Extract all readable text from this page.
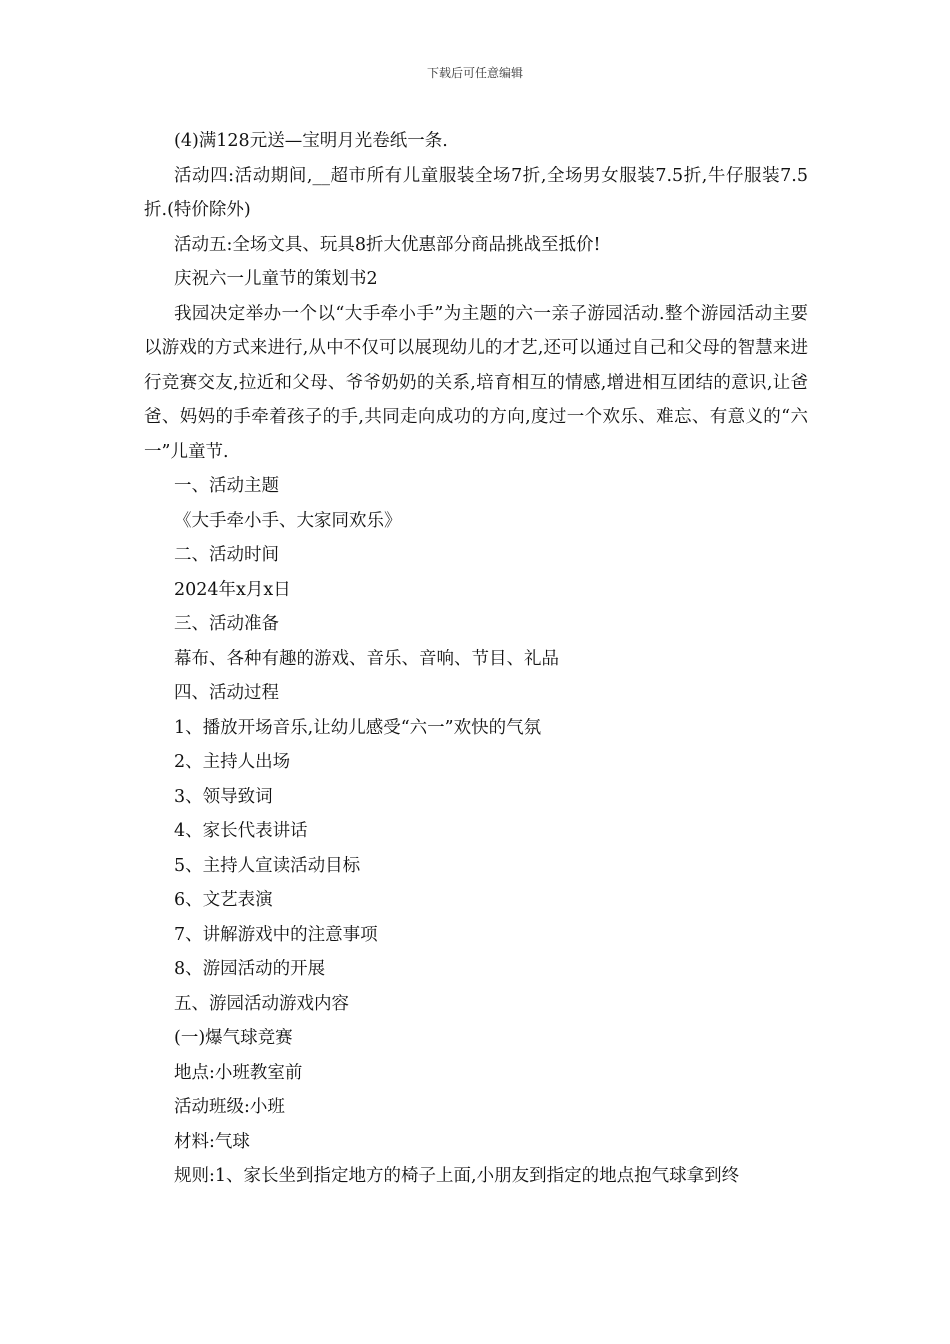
下载后可任意编辑

(4)满128元送—宝明月光卷纸一条.

活动四:活动期间,__超市所有儿童服装全场7折,全场男女服装7.5折,牛仔服装7.5折.(特价除外)

活动五:全场文具、玩具8折大优惠部分商品挑战至抵价!

庆祝六一儿童节的策划书2

我园决定举办一个以“大手牵小手”为主题的六一亲子游园活动.整个游园活动主要以游戏的方式来进行,从中不仅可以展现幼儿的才艺,还可以通过自己和父母的智慧来进行竞赛交友,拉近和父母、爷爷奶奶的关系,培育相互的情感,增进相互团结的意识,让爸爸、妈妈的手牵着孩子的手,共同走向成功的方向,度过一个欢乐、难忘、有意义的“六一”儿童节.

一、活动主题

《大手牵小手、大家同欢乐》

二、活动时间

2024年x月x日

三、活动准备

幕布、各种有趣的游戏、音乐、音响、节目、礼品

四、活动过程

1、播放开场音乐,让幼儿感受“六一”欢快的气氛

2、主持人出场

3、领导致词

4、家长代表讲话

5、主持人宣读活动目标

6、文艺表演

7、讲解游戏中的注意事项

8、游园活动的开展

五、游园活动游戏内容

(一)爆气球竞赛

地点:小班教室前

活动班级:小班

材料:气球

规则:1、家长坐到指定地方的椅子上面,小朋友到指定的地点抱气球拿到终
